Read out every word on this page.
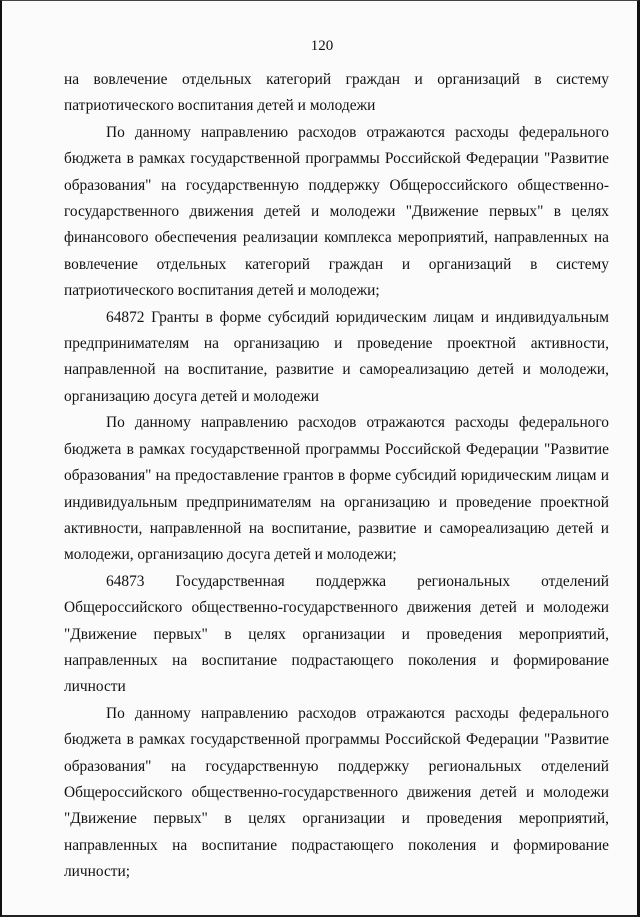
120

на вовлечение отдельных категорий граждан и организаций в систему патриотического воспитания детей и молодежи

По данному направлению расходов отражаются расходы федерального бюджета в рамках государственной программы Российской Федерации "Развитие образования" на государственную поддержку Общероссийского общественно-государственного движения детей и молодежи "Движение первых" в целях финансового обеспечения реализации комплекса мероприятий, направленных на вовлечение отдельных категорий граждан и организаций в систему патриотического воспитания детей и молодежи;

64872 Гранты в форме субсидий юридическим лицам и индивидуальным предпринимателям на организацию и проведение проектной активности, направленной на воспитание, развитие и самореализацию детей и молодежи, организацию досуга детей и молодежи

По данному направлению расходов отражаются расходы федерального бюджета в рамках государственной программы Российской Федерации "Развитие образования" на предоставление грантов в форме субсидий юридическим лицам и индивидуальным предпринимателям на организацию и проведение проектной активности, направленной на воспитание, развитие и самореализацию детей и молодежи, организацию досуга детей и молодежи;

64873 Государственная поддержка региональных отделений Общероссийского общественно-государственного движения детей и молодежи "Движение первых" в целях организации и проведения мероприятий, направленных на воспитание подрастающего поколения и формирование личности

По данному направлению расходов отражаются расходы федерального бюджета в рамках государственной программы Российской Федерации "Развитие образования" на государственную поддержку региональных отделений Общероссийского общественно-государственного движения детей и молодежи "Движение первых" в целях организации и проведения мероприятий, направленных на воспитание подрастающего поколения и формирование личности;
